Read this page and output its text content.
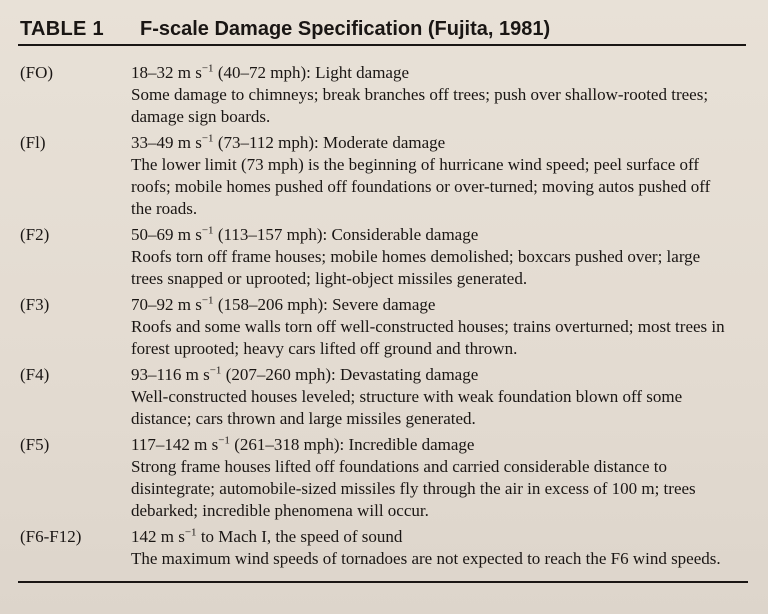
TABLE 1 F-scale Damage Specification (Fujita, 1981)
(FO)	18–32 m $s^{-1}$ (40–72 mph): Light damage
Some damage to chimneys; break branches off trees; push over shallow-rooted trees; damage sign boards.
(Fl)	33–49 m $s^{-1}$ (73–112 mph): Moderate damage
The lower limit (73 mph) is the beginning of hurricane wind speed; peel surface off roofs; mobile homes pushed off foundations or over-turned; moving autos pushed off the roads.
(F2)	50–69 m $s^{-1}$ (113–157 mph): Considerable damage
Roofs torn off frame houses; mobile homes demolished; boxcars pushed over; large trees snapped or uprooted; light-object missiles generated.
(F3)	70–92 m $s^{-1}$ (158–206 mph): Severe damage
Roofs and some walls torn off well-constructed houses; trains overturned; most trees in forest uprooted; heavy cars lifted off ground and thrown.
(F4)	93–116 m $s^{-1}$ (207–260 mph): Devastating damage
Well-constructed houses leveled; structure with weak foundation blown off some distance; cars thrown and large missiles generated.
(F5)	117–142 m $s^{-1}$ (261–318 mph): Incredible damage
Strong frame houses lifted off foundations and carried considerable distance to disintegrate; automobile-sized missiles fly through the air in excess of 100 m; trees debarked; incredible phenomena will occur.
(F6-F12)	142 m $s^{-1}$ to Mach I, the speed of sound
The maximum wind speeds of tornadoes are not expected to reach the F6 wind speeds.
